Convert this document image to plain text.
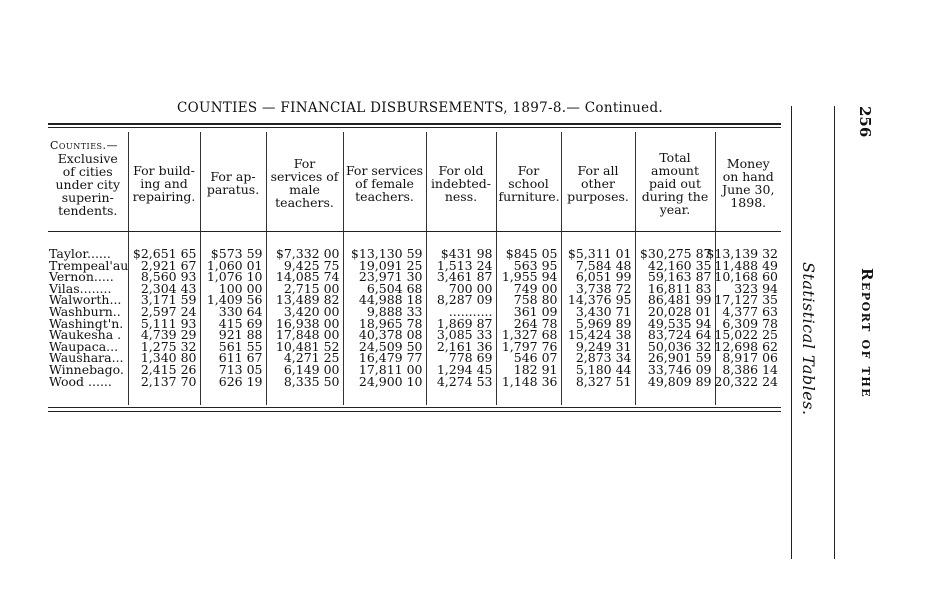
COUNTIES — FINANCIAL DISBURSEMENTS, 1897-8.— Continued.
Counties.—

Exclusive of cities under city superin- tendents.	For build- ing and repairing.	For ap- paratus.	For services of male teachers.	For services of female teachers.	For old indebted- ness.	For school furniture.	For all other purposes.	Total amount paid out during the year.	Money on hand June 30, 1898.

Taylor......	$2,651 65	$573 59	$7,332 00	$13,130 59	$431 98	$845 05	$5,311 01	$30,275 87	$13,139 32

Trempeal'au	2,921 67	1,060 01	9,425 75	19,091 25	1,513 24	563 95	7,584 48	42,160 35	11,488 49

Vernon.....	8,560 93	1,076 10	14,085 74	23,971 30	3,461 87	1,955 94	6,051 99	59,163 87	10,168 60

Vilas........	2,304 43	100 00	2,715 00	6,504 68	700 00	749 00	3,738 72	16,811 83	323 94

Walworth...	3,171 59	1,409 56	13,489 82	44,988 18	8,287 09	758 80	14,376 95	86,481 99	17,127 35

Washburn..	2,597 24	330 64	3,420 00	9,888 33	...........	361 09	3,430 71	20,028 01	4,377 63

Washingt'n.	5,111 93	415 69	16,938 00	18,965 78	1,869 87	264 78	5,969 89	49,535 94	6,309 78

Waukesha .	4,739 29	921 88	17,848 00	40,378 08	3,085 33	1,327 68	15,424 38	83,724 64	15,022 25

Waupaca...	1,275 32	561 55	10,481 52	24,509 50	2,161 36	1,797 76	9,249 31	50,036 32	12,698 62

Waushara...	1,340 80	611 67	4,271 25	16,479 77	778 69	546 07	2,873 34	26,901 59	8,917 06

Winnebago.	2,415 26	713 05	6,149 00	17,811 00	1,294 45	182 91	5,180 44	33,746 09	8,386 14

Wood ......	2,137 70	626 19	8,335 50	24,900 10	4,274 53	1,148 36	8,327 51	49,809 89	20,322 24

256
Report of the
Statistical Tables.
